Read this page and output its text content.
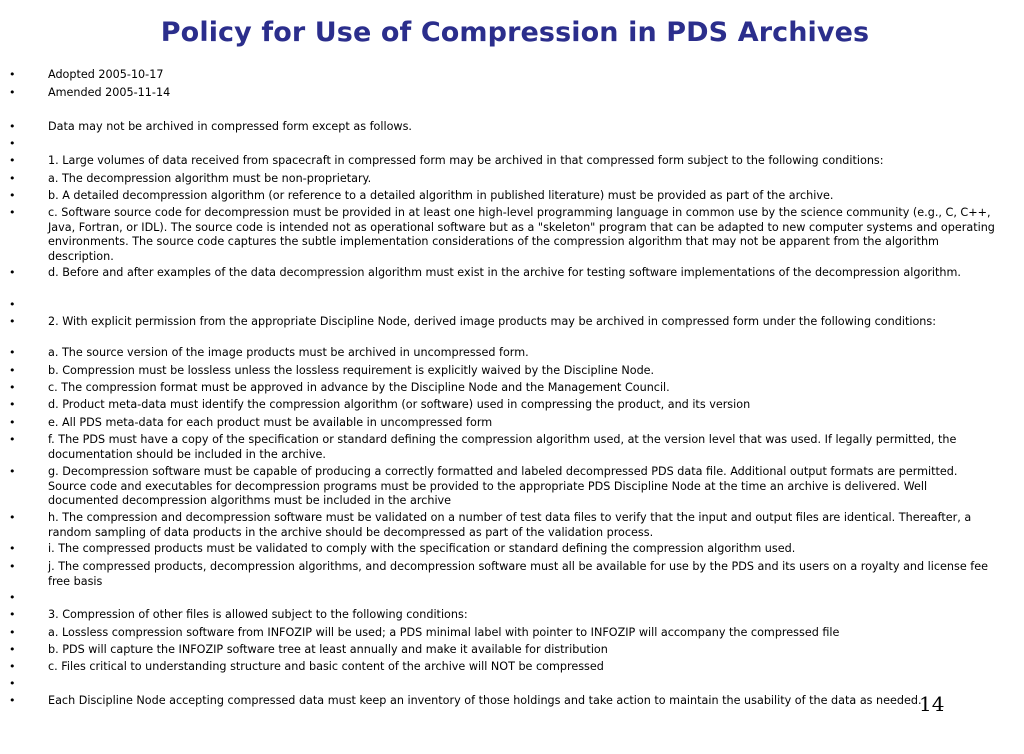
Policy for Use of Compression in PDS Archives
•	Adopted 2005-10-17
•	Amended 2005-11-14
•	Data may not be archived in compressed form except as follows.
•
•	1. Large volumes of data received from spacecraft in compressed form may be archived in that compressed form subject to the following conditions:
•	a. The decompression algorithm must be non-proprietary.
•	b. A detailed decompression algorithm (or reference to a detailed algorithm in published literature) must be provided as part of the archive.
•	c. Software source code for decompression must be provided in at least one high-level programming language in common use by the science community (e.g., C, C++, Java, Fortran, or IDL). The source code is intended not as operational software but as a "skeleton" program that can be adapted to new computer systems and operating environments. The source code captures the subtle implementation considerations of the compression algorithm that may not be apparent from the algorithm description.
•	d. Before and after examples of the data decompression algorithm must exist in the archive for testing software implementations of the decompression algorithm.
•
•	2. With explicit permission from the appropriate Discipline Node, derived image products may be archived in compressed form under the following conditions:
•	a. The source version of the image products must be archived in uncompressed form.
•	b. Compression must be lossless unless the lossless requirement is explicitly waived by the Discipline Node.
•	c. The compression format must be approved in advance by the Discipline Node and the Management Council.
•	d. Product meta-data must identify the compression algorithm (or software) used in compressing the product, and its version
•	e. All PDS meta-data for each product must be available in uncompressed form
•	f. The PDS must have a copy of the specification or standard defining the compression algorithm used, at the version level that was used. If legally permitted, the documentation should be included in the archive.
•	g. Decompression software must be capable of producing a correctly formatted and labeled decompressed PDS data file. Additional output formats are permitted. Source code and executables for decompression programs must be provided to the appropriate PDS Discipline Node at the time an archive is delivered. Well documented decompression algorithms must be included in the archive
•	h. The compression and decompression software must be validated on a number of test data files to verify that the input and output files are identical. Thereafter, a random sampling of data products in the archive should be decompressed as part of the validation process.
•	i. The compressed products must be validated to comply with the specification or standard defining the compression algorithm used.
•	j. The compressed products, decompression algorithms, and decompression software must all be available for use by the PDS and its users on a royalty and license fee free basis
•
•	3. Compression of other files is allowed subject to the following conditions:
•	a. Lossless compression software from INFOZIP will be used; a PDS minimal label with pointer to INFOZIP will accompany the compressed file
•	b. PDS will capture the INFOZIP software tree at least annually and make it available for distribution
•	c. Files critical to understanding structure and basic content of the archive will NOT be compressed
•
•	Each Discipline Node accepting compressed data must keep an inventory of those holdings and take action to maintain the usability of the data as needed.
14
